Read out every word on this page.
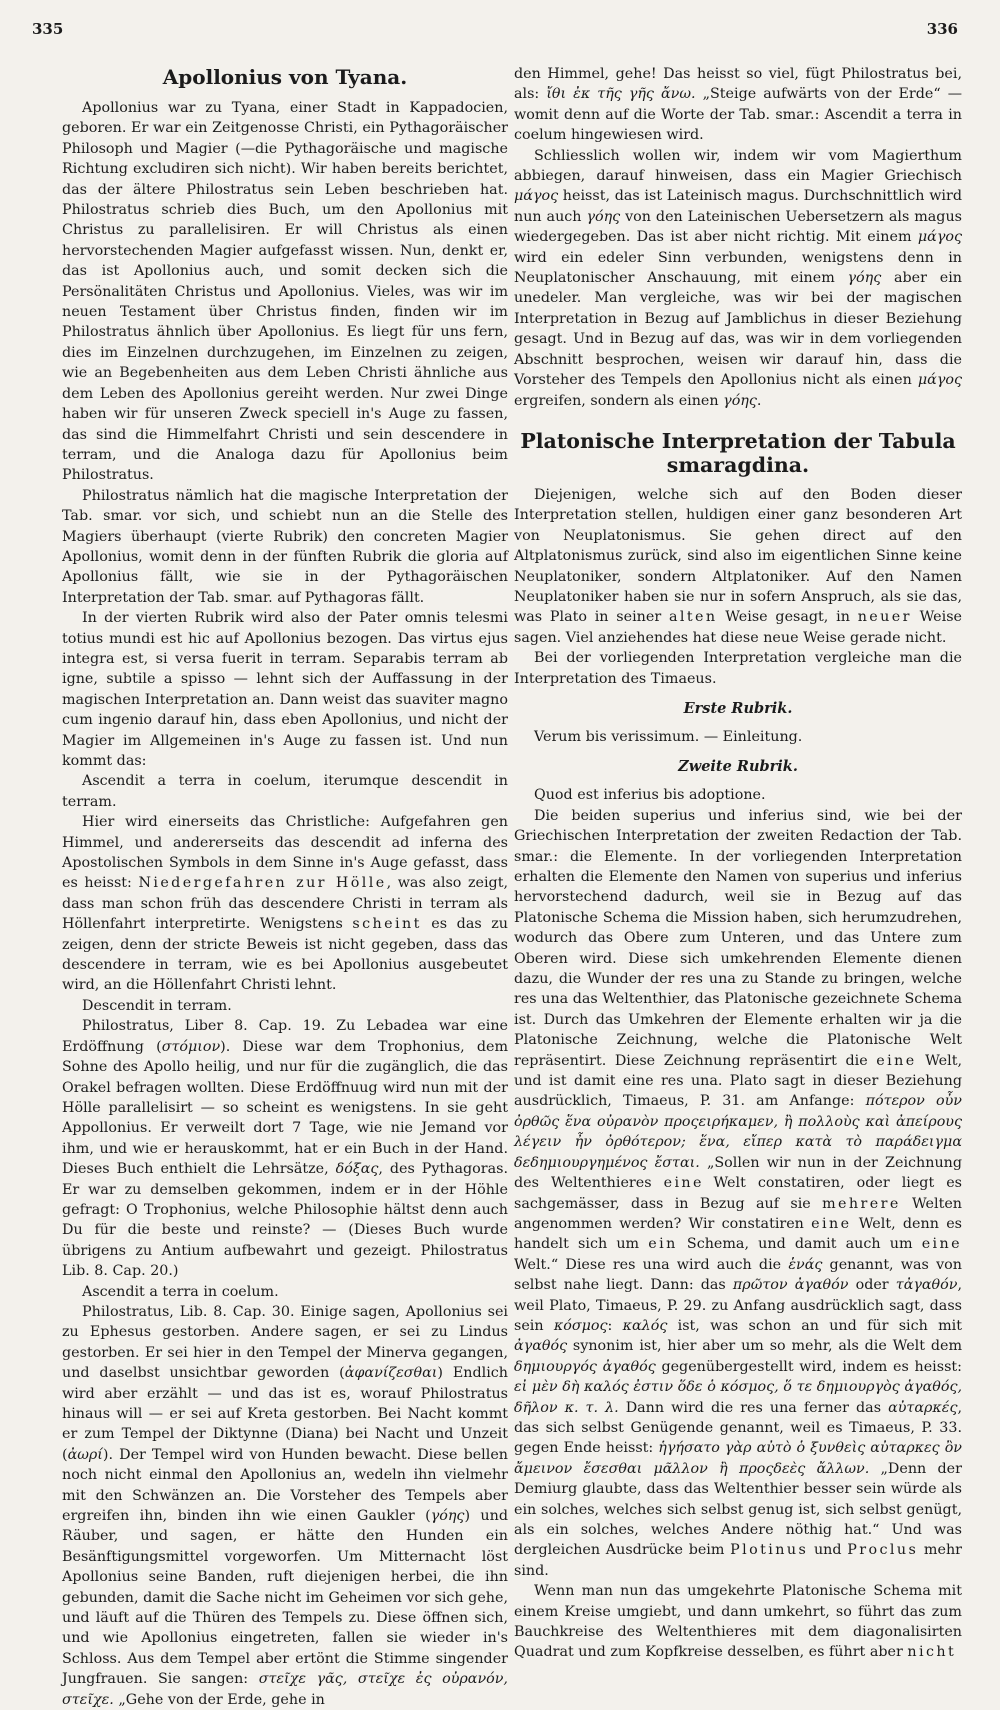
335	336
Apollonius von Tyana.

Apollonius war zu Tyana, einer Stadt in Kappadocien, geboren. Er war ein Zeitgenosse Christi, ein Pythagoräischer Philosoph und Magier (—die Pythagoräische und magische Richtung excludiren sich nicht). Wir haben bereits berichtet, das der ältere Philostratus sein Leben beschrieben hat. Philostratus schrieb dies Buch, um den Apollonius mit Christus zu parallelisiren. Er will Christus als einen hervorstechenden Magier aufgefasst wissen. Nun, denkt er, das ist Apollonius auch, und somit decken sich die Persönalitäten Christus und Apollonius. Vieles, was wir im neuen Testament über Christus finden, finden wir im Philostratus ähnlich über Apollonius. Es liegt für uns fern, dies im Einzelnen durchzugehen, im Einzelnen zu zeigen, wie an Begebenheiten aus dem Leben Christi ähnliche aus dem Leben des Apollonius gereiht werden. Nur zwei Dinge haben wir für unseren Zweck speciell in's Auge zu fassen, das sind die Himmelfahrt Christi und sein descendere in terram, und die Analoga dazu für Apollonius beim Philostratus.

Philostratus nämlich hat die magische Interpretation der Tab. smar. vor sich, und schiebt nun an die Stelle des Magiers überhaupt (vierte Rubrik) den concreten Magier Apollonius, womit denn in der fünften Rubrik die gloria auf Apollonius fällt, wie sie in der Pythagoräischen Interpretation der Tab. smar. auf Pythagoras fällt.

In der vierten Rubrik wird also der Pater omnis telesmi totius mundi est hic auf Apollonius bezogen. Das virtus ejus integra est, si versa fuerit in terram. Separabis terram ab igne, subtile a spisso — lehnt sich der Auffassung in der magischen Interpretation an. Dann weist das suaviter magno cum ingenio darauf hin, dass eben Apollonius, und nicht der Magier im Allgemeinen in's Auge zu fassen ist. Und nun kommt das:

Ascendit a terra in coelum, iterumque descendit in terram.

Hier wird einerseits das Christliche: Aufgefahren gen Himmel, und andererseits das descendit ad inferna des Apostolischen Symbols in dem Sinne in's Auge gefasst, dass es heisst: Niedergefahren zur Hölle, was also zeigt, dass man schon früh das descendere Christi in terram als Höllenfahrt interpretirte. Wenigstens scheint es das zu zeigen, denn der stricte Beweis ist nicht gegeben, dass das descendere in terram, wie es bei Apollonius ausgebeutet wird, an die Höllenfahrt Christi lehnt.

Descendit in terram.

Philostratus, Liber 8. Cap. 19. Zu Lebadea war eine Erdöffnung (στόμιον). Diese war dem Trophonius, dem Sohne des Apollo heilig, und nur für die zugänglich, die das Orakel befragen wollten. Diese Erdöffnuug wird nun mit der Hölle parallelisirt — so scheint es wenigstens. In sie geht Appollonius. Er verweilt dort 7 Tage, wie nie Jemand vor ihm, und wie er herauskommt, hat er ein Buch in der Hand. Dieses Buch enthielt die Lehrsätze, δόξας, des Pythagoras. Er war zu demselben gekommen, indem er in der Höhle gefragt: O Trophonius, welche Philosophie hältst denn auch Du für die beste und reinste? — (Dieses Buch wurde übrigens zu Antium aufbewahrt und gezeigt. Philostratus Lib. 8. Cap. 20.)

Ascendit a terra in coelum.

Philostratus, Lib. 8. Cap. 30. Einige sagen, Apollonius sei zu Ephesus gestorben. Andere sagen, er sei zu Lindus gestorben. Er sei hier in den Tempel der Minerva gegangen, und daselbst unsichtbar geworden (ἀφανίζεσθαι) Endlich wird aber erzählt — und das ist es, worauf Philostratus hinaus will — er sei auf Kreta gestorben. Bei Nacht kommt er zum Tempel der Diktynne (Diana) bei Nacht und Unzeit (ἀωρί). Der Tempel wird von Hunden bewacht. Diese bellen noch nicht einmal den Apollonius an, wedeln ihn vielmehr mit den Schwänzen an. Die Vorsteher des Tempels aber ergreifen ihn, binden ihn wie einen Gaukler (γόης) und Räuber, und sagen, er hätte den Hunden ein Besänftigungsmittel vorgeworfen. Um Mitternacht löst Apollonius seine Banden, ruft diejenigen herbei, die ihn gebunden, damit die Sache nicht im Geheimen vor sich gehe, und läuft auf die Thüren des Tempels zu. Diese öffnen sich, und wie Apollonius eingetreten, fallen sie wieder in's Schloss. Aus dem Tempel aber ertönt die Stimme singender Jungfrauen. Sie sangen: στεῖχε γᾶς, στεῖχε ἐς οὐρανόν, στεῖχε. „Gehe von der Erde, gehe in

den Himmel, gehe! Das heisst so viel, fügt Philostratus bei, als: ἴθι ἐκ τῆς γῆς ἄνω. „Steige aufwärts von der Erde“ — womit denn auf die Worte der Tab. smar.: Ascendit a terra in coelum hingewiesen wird.

Schliesslich wollen wir, indem wir vom Magierthum abbiegen, darauf hinweisen, dass ein Magier Griechisch μάγος heisst, das ist Lateinisch magus. Durchschnittlich wird nun auch γόης von den Lateinischen Uebersetzern als magus wiedergegeben. Das ist aber nicht richtig. Mit einem μάγος wird ein edeler Sinn verbunden, wenigstens denn in Neuplatonischer Anschauung, mit einem γόης aber ein unedeler. Man vergleiche, was wir bei der magischen Interpretation in Bezug auf Jamblichus in dieser Beziehung gesagt. Und in Bezug auf das, was wir in dem vorliegenden Abschnitt besprochen, weisen wir darauf hin, dass die Vorsteher des Tempels den Apollonius nicht als einen μάγος ergreifen, sondern als einen γόης.

Platonische Interpretation der Tabula smaragdina.

Diejenigen, welche sich auf den Boden dieser Interpretation stellen, huldigen einer ganz besonderen Art von Neuplatonismus. Sie gehen direct auf den Altplatonismus zurück, sind also im eigentlichen Sinne keine Neuplatoniker, sondern Altplatoniker. Auf den Namen Neuplatoniker haben sie nur in sofern Anspruch, als sie das, was Plato in seiner alten Weise gesagt, in neuer Weise sagen. Viel anziehendes hat diese neue Weise gerade nicht.

Bei der vorliegenden Interpretation vergleiche man die Interpretation des Timaeus.

Erste Rubrik.

Verum bis verissimum. — Einleitung.

Zweite Rubrik.

Quod est inferius bis adoptione.

Die beiden superius und inferius sind, wie bei der Griechischen Interpretation der zweiten Redaction der Tab. smar.: die Elemente. In der vorliegenden Interpretation erhalten die Elemente den Namen von superius und inferius hervorstechend dadurch, weil sie in Bezug auf das Platonische Schema die Mission haben, sich herumzudrehen, wodurch das Obere zum Unteren, und das Untere zum Oberen wird. Diese sich umkehrenden Elemente dienen dazu, die Wunder der res una zu Stande zu bringen, welche res una das Weltenthier, das Platonische gezeichnete Schema ist. Durch das Umkehren der Elemente erhalten wir ja die Platonische Zeichnung, welche die Platonische Welt repräsentirt. Diese Zeichnung repräsentirt die eine Welt, und ist damit eine res una. Plato sagt in dieser Beziehung ausdrücklich, Timaeus, P. 31. am Anfange: πότερον οὖν ὀρθῶς ἕνα οὐρανὸν προςειρήκαμεν, ἢ πολλοὺς καὶ ἀπείρους λέγειν ἦν ὀρθότερον; ἕνα, εἴπερ κατὰ τὸ παράδειγμα δεδημιουργημένος ἔσται. „Sollen wir nun in der Zeichnung des Weltenthieres eine Welt constatiren, oder liegt es sachgemässer, dass in Bezug auf sie mehrere Welten angenommen werden? Wir constatiren eine Welt, denn es handelt sich um ein Schema, und damit auch um eine Welt.“ Diese res una wird auch die ἑνάς genannt, was von selbst nahe liegt. Dann: das πρῶτον ἀγαθόν oder τἀγαθόν, weil Plato, Timaeus, P. 29. zu Anfang ausdrücklich sagt, dass sein κόσμος: καλός ist, was schon an und für sich mit ἀγαθός synonim ist, hier aber um so mehr, als die Welt dem δημιουργός ἀγαθός gegenübergestellt wird, indem es heisst: εἰ μὲν δὴ καλός ἐστιν ὅδε ὁ κόσμος, ὅ τε δημιουργὸς ἀγαθός, δῆλον κ. τ. λ. Dann wird die res una ferner das αὐταρκές, das sich selbst Genügende genannt, weil es Timaeus, P. 33. gegen Ende heisst: ἡγήσατο γὰρ αὐτὸ ὁ ξυνθεὶς αὐταρκες ὂν ἄμεινον ἔσεσθαι μᾶλλον ἢ προςδεὲς ἄλλων. „Denn der Demiurg glaubte, dass das Weltenthier besser sein würde als ein solches, welches sich selbst genug ist, sich selbst genügt, als ein solches, welches Andere nöthig hat.“ Und was dergleichen Ausdrücke beim Plotinus und Proclus mehr sind.

Wenn man nun das umgekehrte Platonische Schema mit einem Kreise umgiebt, und dann umkehrt, so führt das zum Bauchkreise des Weltenthieres mit dem diagonalisirten Quadrat und zum Kopfkreise desselben, es führt aber nicht
